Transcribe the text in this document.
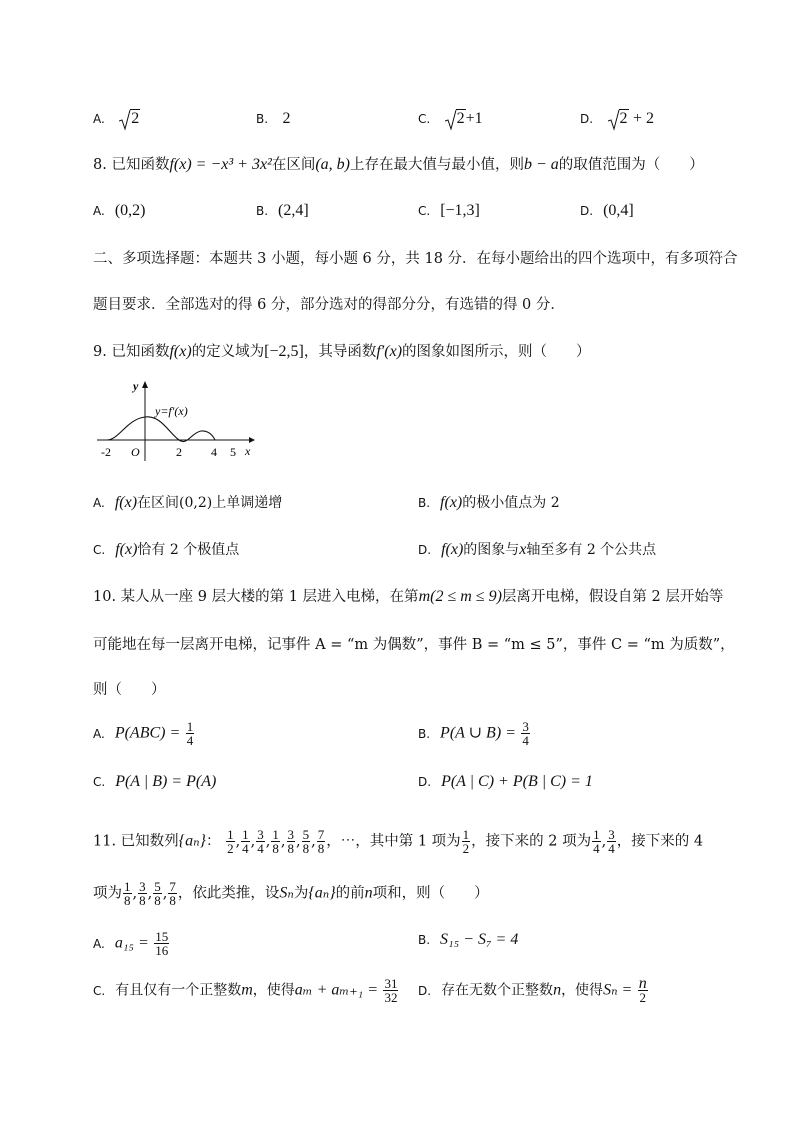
A. 2	B. 2	C. 2+1	D. 2 + 2
8. 已知函数f(x) = −x³ + 3x²在区间(a, b)上存在最大值与最小值，则b − a的取值范围为（　　）
A. (0,2)	B. (2,4]	C. [−1,3]	D. (0,4]
二、多项选择题：本题共 3 小题，每小题 6 分，共 18 分．在每小题给出的四个选项中，有多项符合
题目要求．全部选对的得 6 分，部分选对的得部分分，有选错的得 0 分．
9. 已知函数f(x)的定义域为[−2,5]，其导函数f′(x)的图象如图所示，则（　　）
y
x
y=f′(x)
O
-2	2 4 5
A. f(x)在区间(0,2)上单调递增	B. f(x)的极小值点为 2
C. f(x)恰有 2 个极值点	D. f(x)的图象与x轴至多有 2 个公共点
10. 某人从一座 9 层大楼的第 1 层进入电梯，在第m(2 ≤ m ≤ 9)层离开电梯，假设自第 2 层开始等
可能地在每一层离开电梯，记事件 A = “m 为偶数”，事件 B = “m ≤ 5”，事件 C = “m 为质数”，
则（　　）
A. $P(ABC) = \frac{1}{4}$	B. P(A ∪ $B) = \frac{3}{4}$
C. P(A | B) = P(A)	D. P(A | C) + P(B | C) = 1
11. 已知数列{aₙ}： $\frac{1}{2}$ , $\frac{1}{4}$ , $\frac{3}{4}$ , $\frac{1}{8}$ , $\frac{3}{8}$ , $\frac{5}{8}$ , $\frac{7}{8}$ ，⋯，其中第 1 项为 $\frac{1}{2}$ ，接下来的 2 项为 $\frac{1}{4}$ , $\frac{3}{4}$ ，接下来的 4
项为 $\frac{1}{8}$ , $\frac{3}{8}$ , $\frac{5}{8}$ , $\frac{7}{8}$ ，依此类推，设Sₙ为{aₙ}的前n项和，则（　　）
A. $a_{15} = \frac{15}{16}$	B. S₁₅ − S₇ = 4
C. 有且仅有一个正整数m，使得$a_m + a_{m+1} = \frac{31}{32} D$. 存在无数个正整数n，使得$S_n = \frac{n}{2}$
